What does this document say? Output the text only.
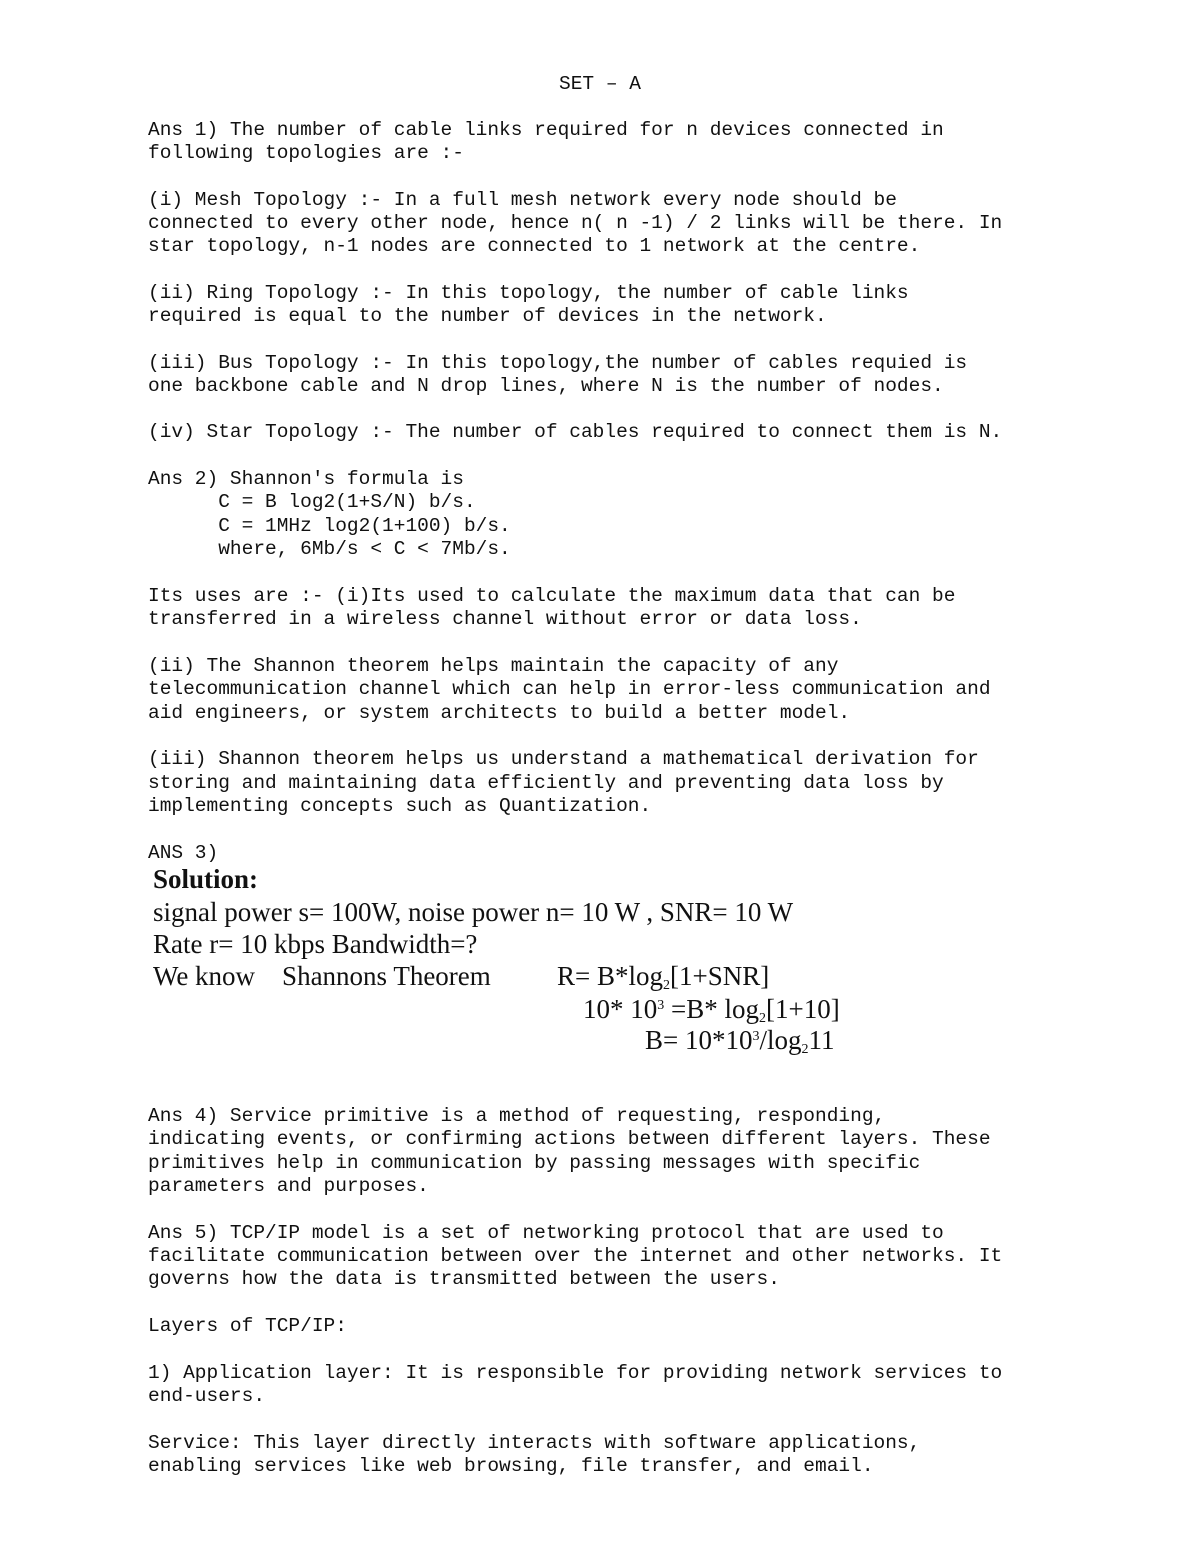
SET – A
Ans 1) The number of cable links required for n devices connected in
following topologies are :-
(i) Mesh Topology :- In a full mesh network every node should be
connected to every other node, hence n( n -1) / 2 links will be there. In
star topology, n-1 nodes are connected to 1 network at the centre.
(ii) Ring Topology :- In this topology, the number of cable links
required is equal to the number of devices in the network.
(iii) Bus Topology :- In this topology,the number of cables requied is
one backbone cable and N drop lines, where N is the number of nodes.
(iv) Star Topology :- The number of cables required to connect them is N.
Ans 2) Shannon's formula is
C = B log2(1+S/N) b/s.
C = 1MHz log2(1+100) b/s.
where, 6Mb/s < C < 7Mb/s.
Its uses are :- (i)Its used to calculate the maximum data that can be
transferred in a wireless channel without error or data loss.
(ii) The Shannon theorem helps maintain the capacity of any
telecommunication channel which can help in error-less communication and
aid engineers, or system architects to build a better model.
(iii) Shannon theorem helps us understand a mathematical derivation for
storing and maintaining data efficiently and preventing data loss by
implementing concepts such as Quantization.
ANS 3)
Solution:
signal power s= 100W, noise power n= 10 W , SNR= 10 W
Rate r= 10 kbps Bandwidth=?
We know    Shannons Theorem $R= B*\log_2[1+SNR]$
10* $10^3 =B*$ $\log_2[1+10]$
$B= 10*10^3/\log_211$
Ans 4) Service primitive is a method of requesting, responding,
indicating events, or confirming actions between different layers. These
primitives help in communication by passing messages with specific
parameters and purposes.
Ans 5) TCP/IP model is a set of networking protocol that are used to
facilitate communication between over the internet and other networks. It
governs how the data is transmitted between the users.
Layers of TCP/IP:
1) Application layer: It is responsible for providing network services to
end-users.
Service: This layer directly interacts with software applications,
enabling services like web browsing, file transfer, and email.
